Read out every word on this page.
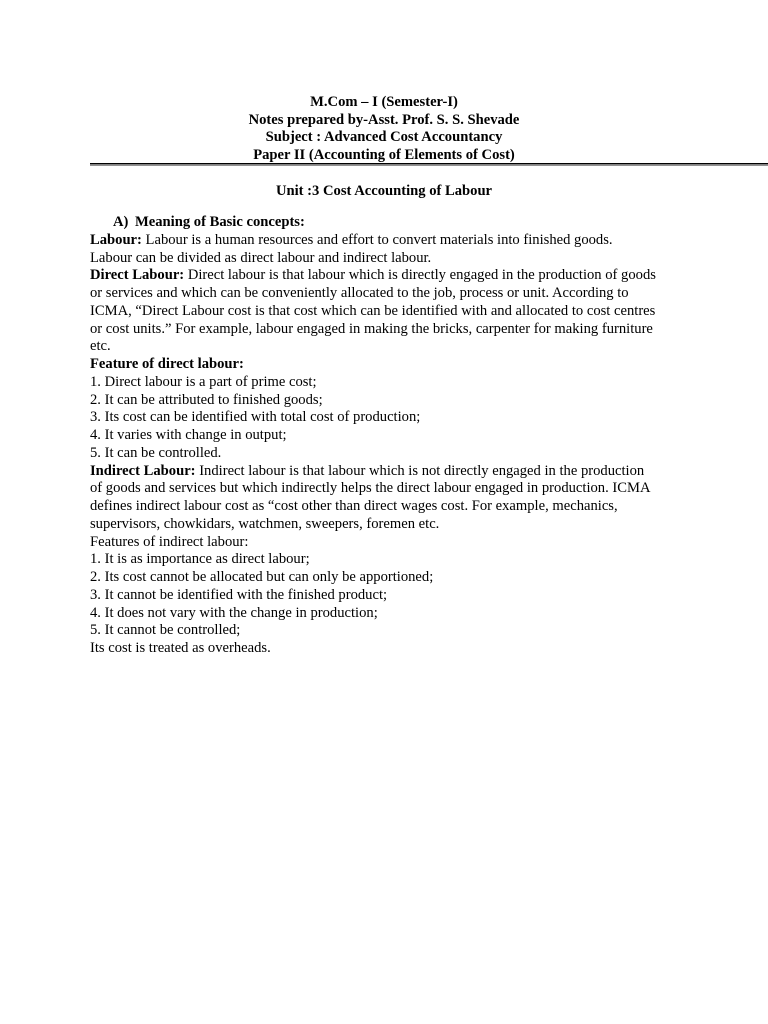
M.Com – I (Semester-I)
Notes prepared by-Asst. Prof. S. S. Shevade
Subject : Advanced Cost Accountancy
Paper II (Accounting of Elements of Cost)
Unit :3 Cost Accounting of Labour

A) Meaning of Basic concepts:

Labour: Labour is a human resources and effort to convert materials into finished goods.

Labour can be divided as direct labour and indirect labour.

Direct Labour: Direct labour is that labour which is directly engaged in the production of goods

or services and which can be conveniently allocated to the job, process or unit. According to

ICMA, “Direct Labour cost is that cost which can be identified with and allocated to cost centres

or cost units.” For example, labour engaged in making the bricks, carpenter for making furniture

etc.

Feature of direct labour:

1. Direct labour is a part of prime cost;

2. It can be attributed to finished goods;

3. Its cost can be identified with total cost of production;

4. It varies with change in output;

5. It can be controlled.

Indirect Labour: Indirect labour is that labour which is not directly engaged in the production

of goods and services but which indirectly helps the direct labour engaged in production. ICMA

defines indirect labour cost as “cost other than direct wages cost. For example, mechanics,

supervisors, chowkidars, watchmen, sweepers, foremen etc.

Features of indirect labour:

1. It is as importance as direct labour;

2. Its cost cannot be allocated but can only be apportioned;

3. It cannot be identified with the finished product;

4. It does not vary with the change in production;

5. It cannot be controlled;

Its cost is treated as overheads.
